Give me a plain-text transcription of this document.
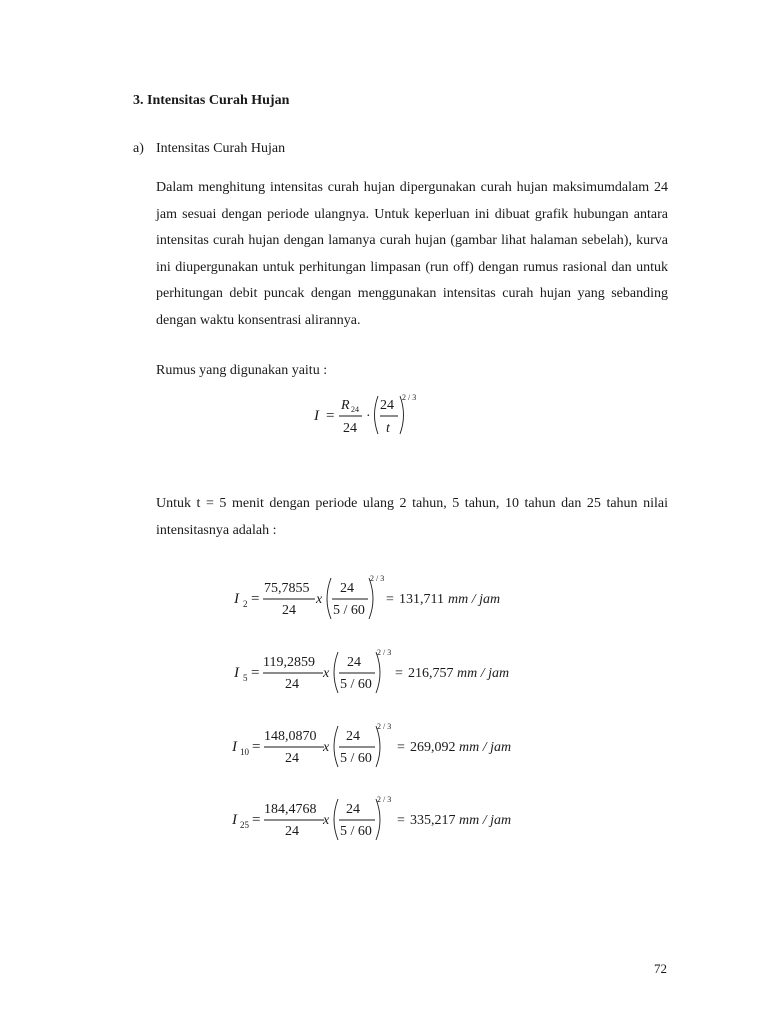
3. Intensitas Curah Hujan
a) Intensitas Curah Hujan

Dalam menghitung intensitas curah hujan dipergunakan curah hujan maksimumdalam 24 jam sesuai dengan periode ulangnya. Untuk keperluan ini dibuat grafik hubungan antara intensitas curah hujan dengan lamanya curah hujan (gambar lihat halaman sebelah), kurva ini diupergunakan untuk perhitungan limpasan (run off) dengan rumus rasional dan untuk perhitungan debit puncak dengan menggunakan intensitas curah hujan yang sebanding dengan waktu konsentrasi alirannya.

Rumus yang digunakan yaitu :
I =
R 24
24
·
24
t
2 / 3

Untuk t = 5 menit dengan periode ulang 2 tahun, 5 tahun, 10 tahun dan 25 tahun nilai intensitasnya adalah :

I 2 =
75,7855
24
x
24
5 / 60
2 / 3
= 131,711 mm / jam
I 5 =
119,2859
24
x
24
5 / 60
2 / 3
= 216,757 mm / jam
I 10 =
148,0870
24
x
24
5 / 60
2 / 3
= 269,092 mm / jam
I 25 =
184,4768
24
x
24
5 / 60
2 / 3
= 335,217 mm / jam
72
